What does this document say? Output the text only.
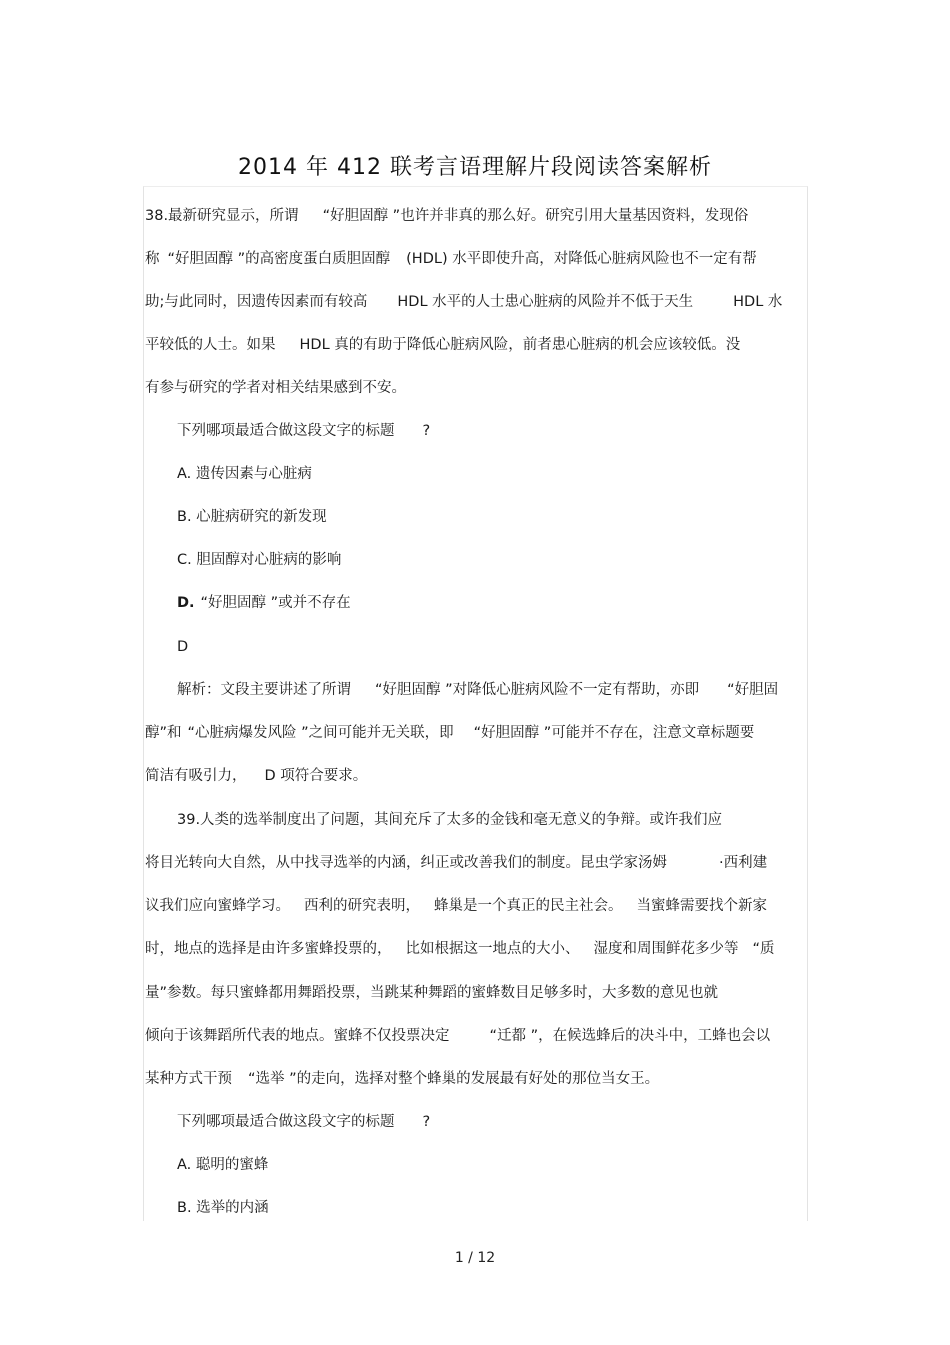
2014 年 412 联考言语理解片段阅读答案解析
38.最新研究显示，所谓 “好胆固醇 ”也许并非真的那么好。研究引用大量基因资料，发现俗
称 “好胆固醇 ”的高密度蛋白质胆固醇 (HDL) 水平即使升高，对降低心脏病风险也不一定有帮
助;与此同时，因遗传因素而有较高 HDL 水平的人士患心脏病的风险并不低于天生	HDL 水
平较低的人士。如果 HDL 真的有助于降低心脏病风险，前者患心脏病的机会应该较低。没
有参与研究的学者对相关结果感到不安。
下列哪项最适合做这段文字的标题 ?
A. 遗传因素与心脏病
B. 心脏病研究的新发现
C. 胆固醇对心脏病的影响
D. “好胆固醇 ”或并不存在
D
解析：文段主要讲述了所谓 “好胆固醇 ”对降低心脏病风险不一定有帮助，亦即 “好胆固
醇”和 “心脏病爆发风险 ”之间可能并无关联，即 “好胆固醇 ”可能并不存在，注意文章标题要
简洁有吸引力， D 项符合要求。
39.人类的选举制度出了问题，其间充斥了太多的金钱和毫无意义的争辩。或许我们应
将目光转向大自然，从中找寻选举的内涵，纠正或改善我们的制度。昆虫学家汤姆	·西利建
议我们应向蜜蜂学习。 西利的研究表明， 蜂巢是一个真正的民主社会。 当蜜蜂需要找个新家
时，地点的选择是由许多蜜蜂投票的， 比如根据这一地点的大小、 湿度和周围鲜花多少等 “质
量”参数。每只蜜蜂都用舞蹈投票，当跳某种舞蹈的蜜蜂数目足够多时，大多数的意见也就
倾向于该舞蹈所代表的地点。蜜蜂不仅投票决定	“迁都 ”，在候选蜂后的决斗中，工蜂也会以
某种方式干预 “选举 ”的走向，选择对整个蜂巢的发展最有好处的那位当女王。
下列哪项最适合做这段文字的标题 ?
A. 聪明的蜜蜂
B. 选举的内涵
1 / 12
